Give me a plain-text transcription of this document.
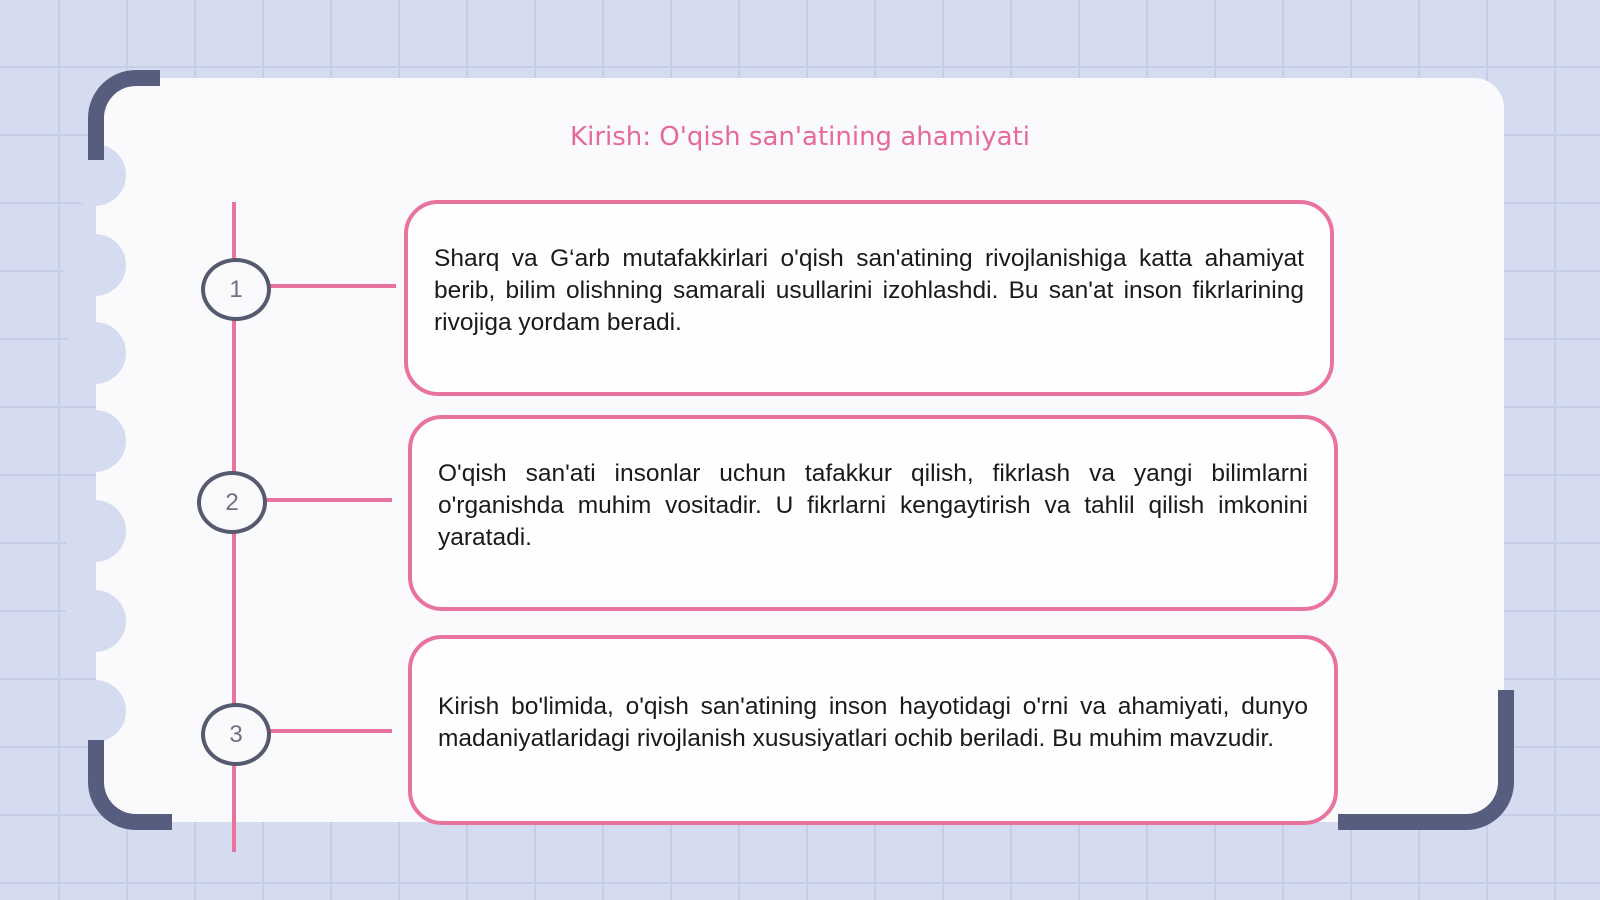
Kirish: O'qish san'atining ahamiyati
1

Sharq va G‘arb mutafakkirlari o'qish san'atining rivojlanishiga katta ahamiyat berib, bilim olishning samarali usullarini izohlashdi. Bu san'at inson fikrlarining rivojiga yordam beradi.

2

O'qish san'ati insonlar uchun tafakkur qilish, fikrlash va yangi bilimlarni o'rganishda muhim vositadir. U fikrlarni kengaytirish va tahlil qilish imkonini yaratadi.

3

Kirish bo'limida, o'qish san'atining inson hayotidagi o'rni va ahamiyati, dunyo madaniyatlaridagi rivojlanish xususiyatlari ochib beriladi. Bu muhim mavzudir.
